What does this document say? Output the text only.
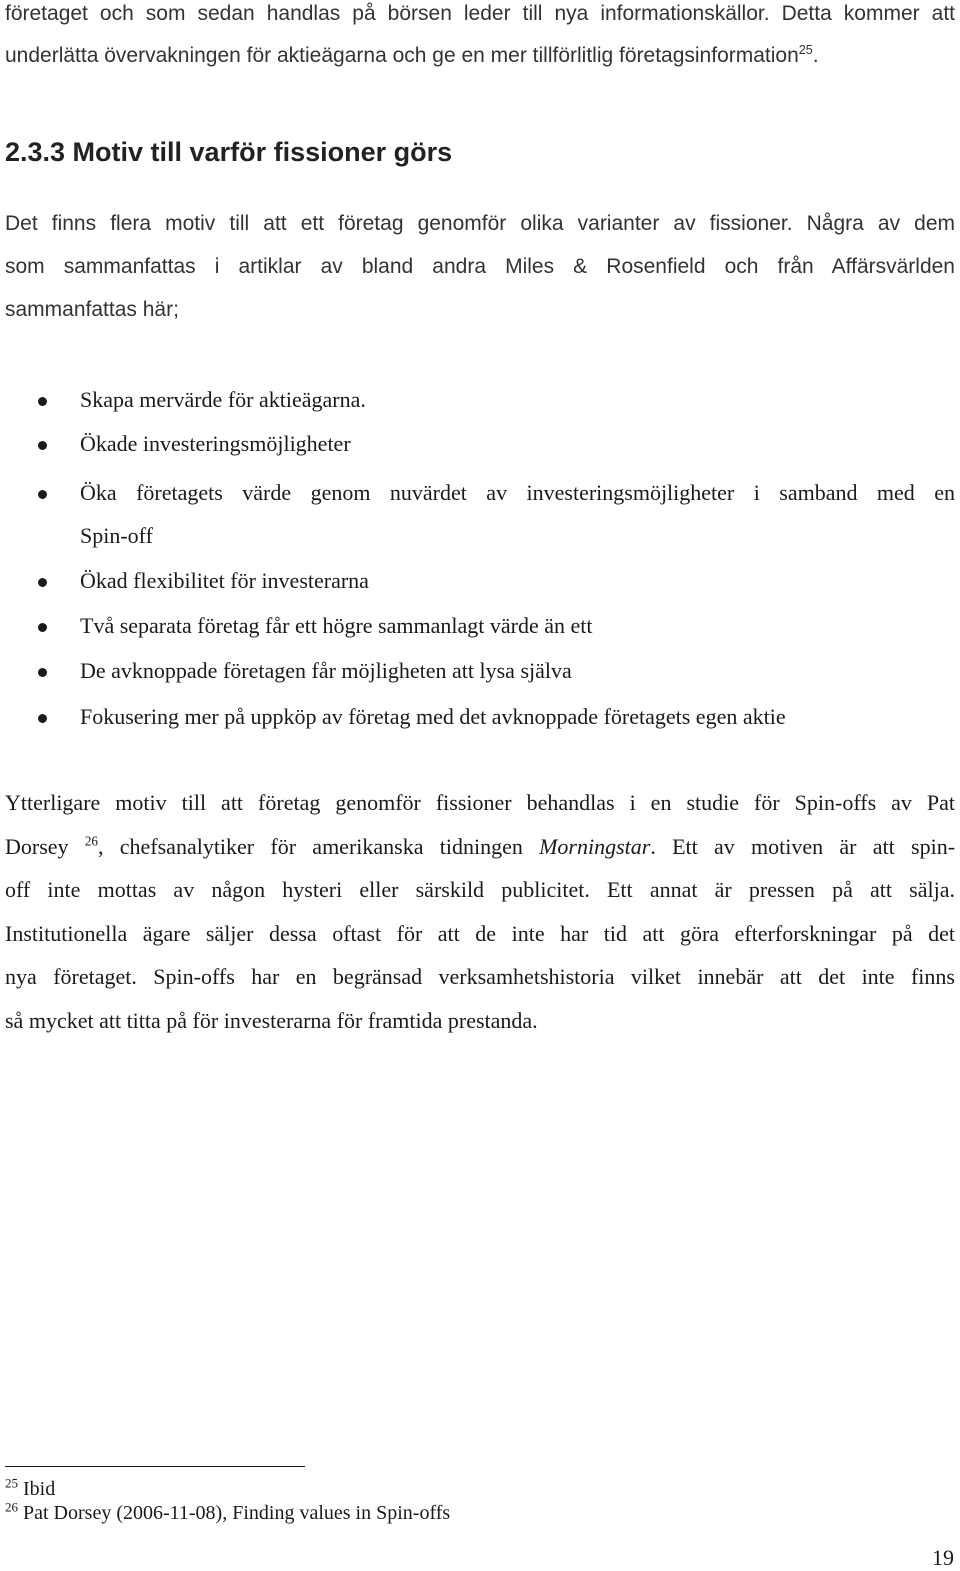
företaget och som sedan handlas på börsen leder till nya informationskällor. Detta kommer att
underlätta övervakningen för aktieägarna och ge en mer tillförlitlig företagsinformation$^{25}$.
2.3.3 Motiv till varför fissioner görs
Det finns flera motiv till att ett företag genomför olika varianter av fissioner. Några av dem
som sammanfattas i artiklar av bland andra Miles & Rosenfield och från Affärsvärlden
sammanfattas här;
Skapa mervärde för aktieägarna.
Ökade investeringsmöjligheter
Öka företagets värde genom nuvärdet av investeringsmöjligheter i samband med en
Spin-off
Ökad flexibilitet för investerarna
Två separata företag får ett högre sammanlagt värde än ett
De avknoppade företagen får möjligheten att lysa själva
Fokusering mer på uppköp av företag med det avknoppade företagets egen aktie
Ytterligare motiv till att företag genomför fissioner behandlas i en studie för Spin-offs av Pat
Dorsey $^{26}$, chefsanalytiker för amerikanska tidningen Morningstar. Ett av motiven är att spin-
off inte mottas av någon hysteri eller särskild publicitet. Ett annat är pressen på att sälja.
Institutionella ägare säljer dessa oftast för att de inte har tid att göra efterforskningar på det
nya företaget. Spin-offs har en begränsad verksamhetshistoria vilket innebär att det inte finns
så mycket att titta på för investerarna för framtida prestanda.
$^{25}$ Ibid
$^{26}$ Pat Dorsey (2006-11-08), Finding values in Spin-offs
19
